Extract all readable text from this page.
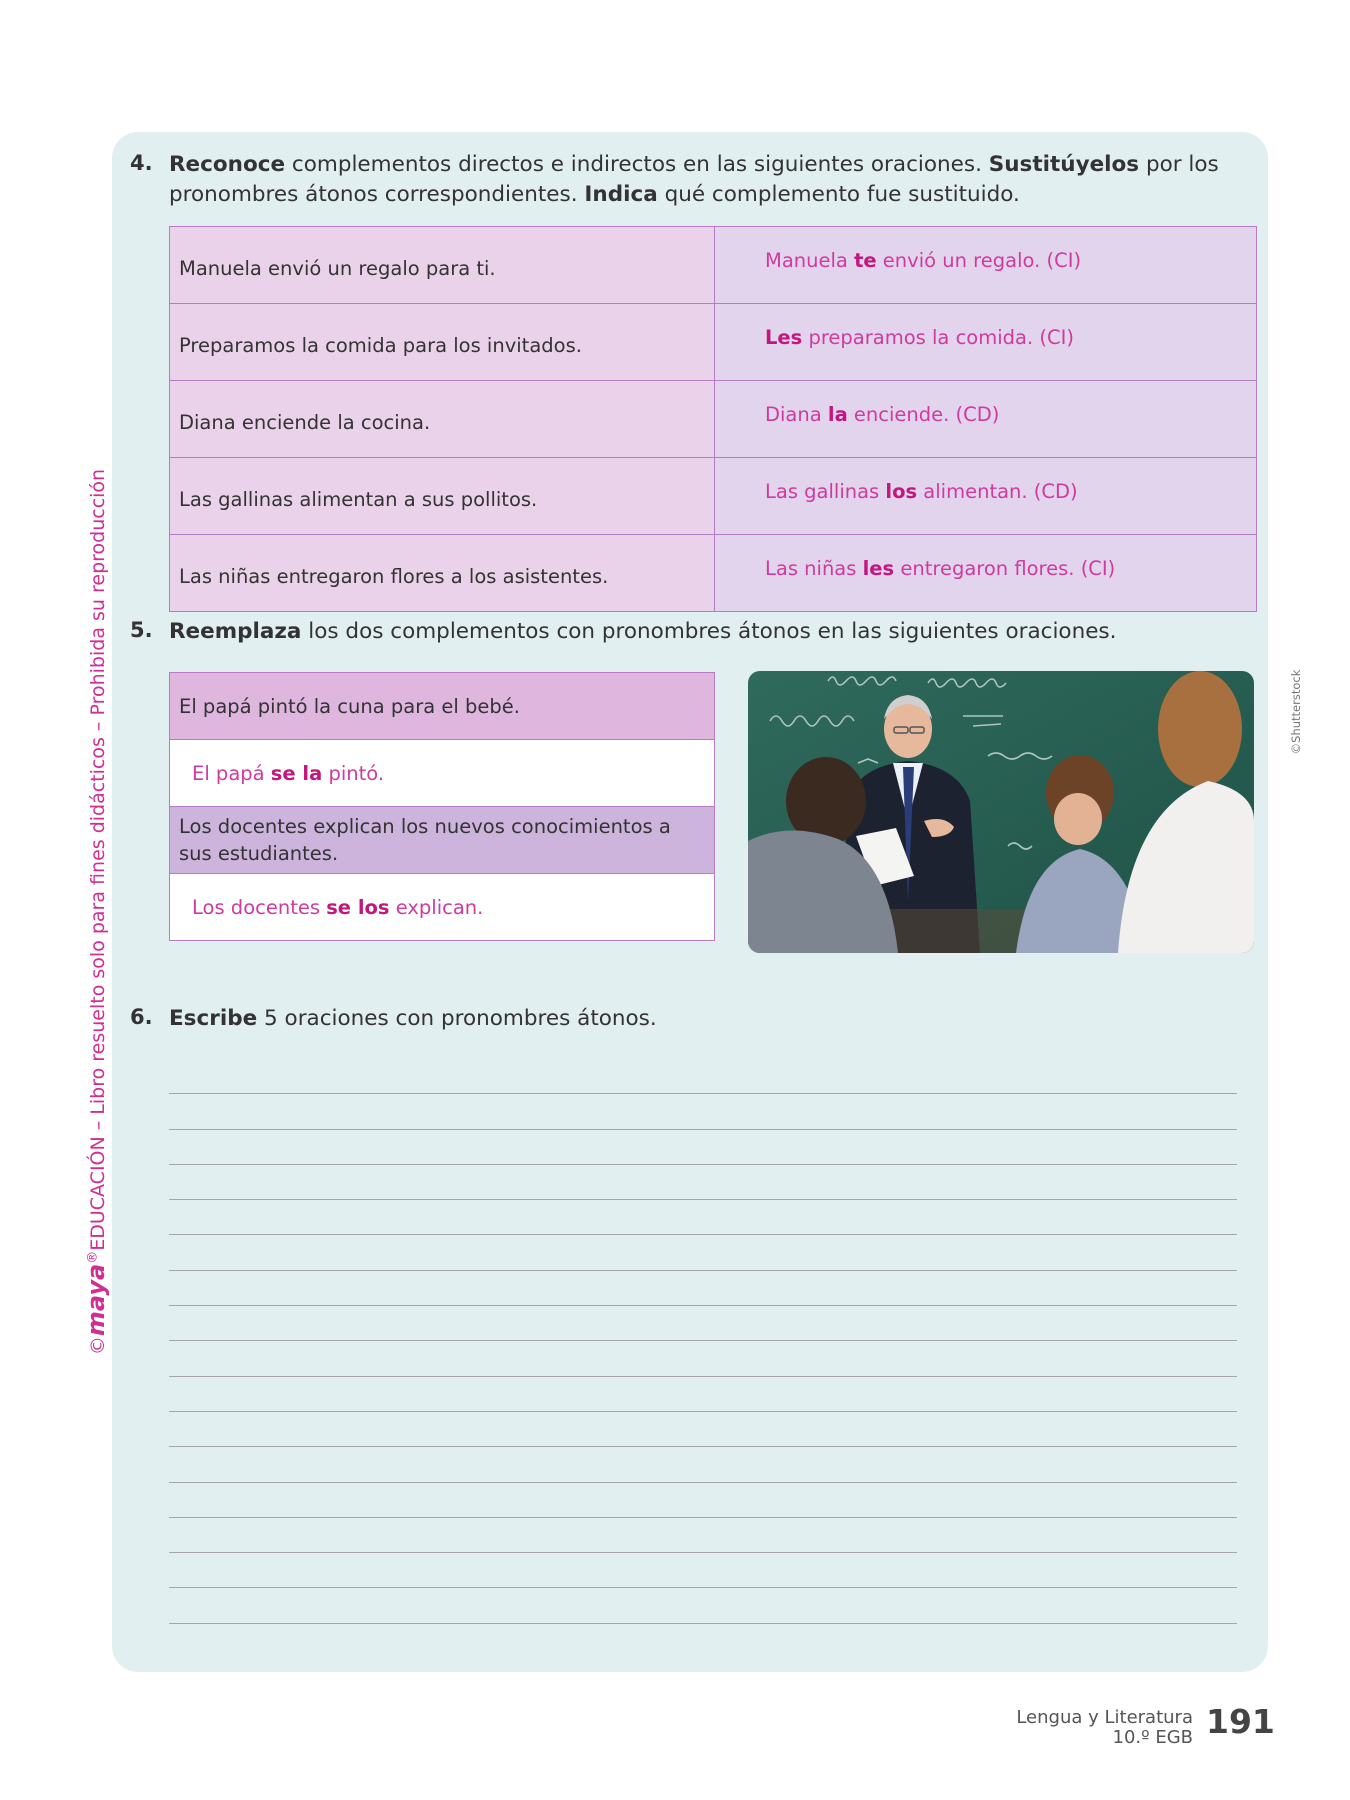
©maya®EDUCACIÓN – Libro resuelto solo para fines didácticos – Prohibida su reproducción
4. Reconoce complementos directos e indirectos en las siguientes oraciones. Sustitúyelos por los pronombres átonos correspondientes. Indica qué complemento fue sustituido.
Manuela envió un regalo para ti.	Manuela te envió un regalo. (CI)
Preparamos la comida para los invitados.	Les preparamos la comida. (CI)
Diana enciende la cocina.	Diana la enciende. (CD)
Las gallinas alimentan a sus pollitos.	Las gallinas los alimentan. (CD)
Las niñas entregaron flores a los asistentes.	Las niñas les entregaron flores. (CI)
5. Reemplaza los dos complementos con pronombres átonos en las siguientes oraciones.
El papá pintó la cuna para el bebé.
El papá se la pintó.
Los docentes explican los nuevos conocimientos a sus estudiantes.
Los docentes se los explican.
©Shutterstock
6. Escribe 5 oraciones con pronombres átonos.
Lengua y Literatura
10.º EGB 191
